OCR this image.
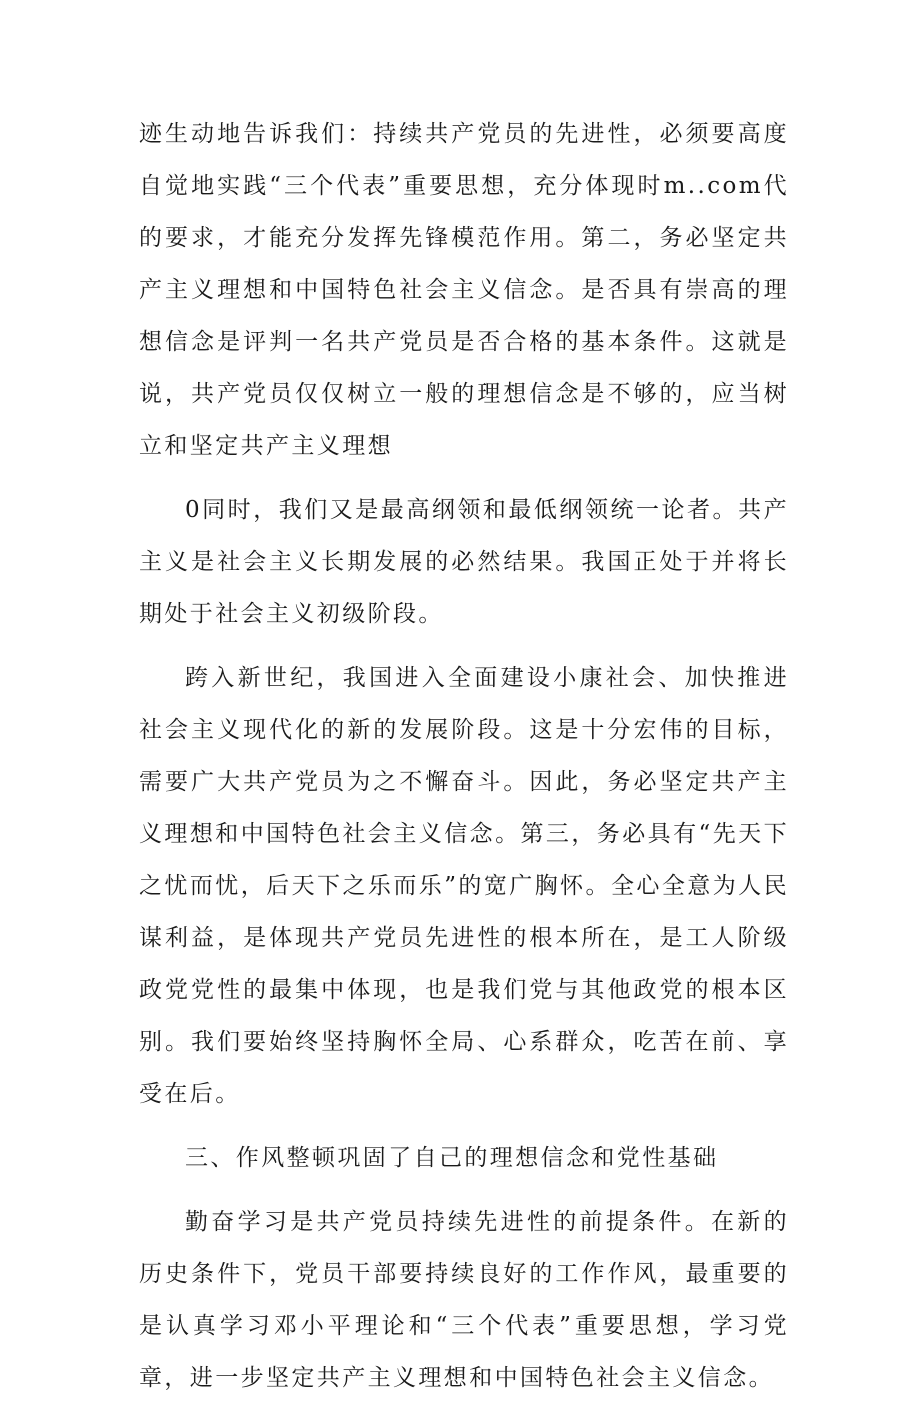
迹生动地告诉我们：持续共产党员的先进性，必须要高度自觉地实践“三个代表”重要思想，充分体现时m..com代的要求，才能充分发挥先锋模范作用。第二，务必坚定共产主义理想和中国特色社会主义信念。是否具有崇高的理想信念是评判一名共产党员是否合格的基本条件。这就是说，共产党员仅仅树立一般的理想信念是不够的，应当树立和坚定共产主义理想

0同时，我们又是最高纲领和最低纲领统一论者。共产主义是社会主义长期发展的必然结果。我国正处于并将长期处于社会主义初级阶段。

跨入新世纪，我国进入全面建设小康社会、加快推进社会主义现代化的新的发展阶段。这是十分宏伟的目标，需要广大共产党员为之不懈奋斗。因此，务必坚定共产主义理想和中国特色社会主义信念。第三，务必具有“先天下之忧而忧，后天下之乐而乐”的宽广胸怀。全心全意为人民谋利益，是体现共产党员先进性的根本所在，是工人阶级政党党性的最集中体现，也是我们党与其他政党的根本区别。我们要始终坚持胸怀全局、心系群众，吃苦在前、享受在后。

三、作风整顿巩固了自己的理想信念和党性基础

勤奋学习是共产党员持续先进性的前提条件。在新的历史条件下，党员干部要持续良好的工作作风，最重要的是认真学习邓小平理论和“三个代表”重要思想，学习党章，进一步坚定共产主义理想和中国特色社会主义信念。
